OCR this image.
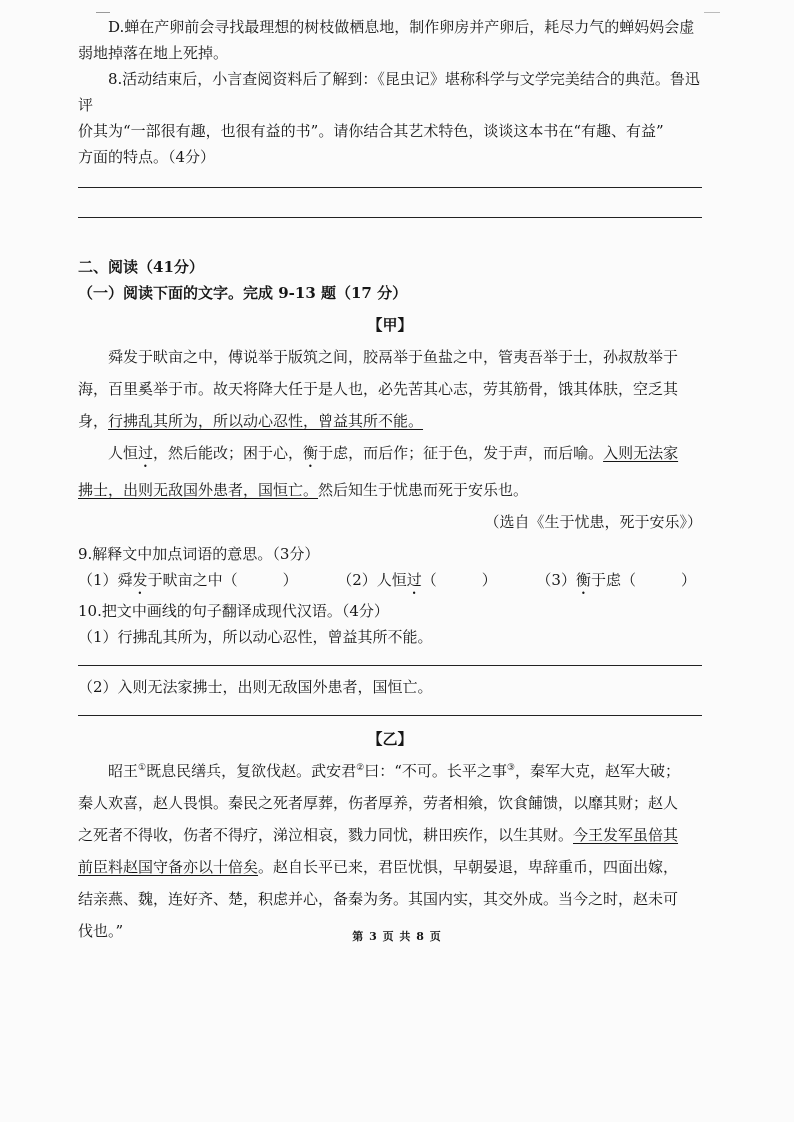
D.蝉在产卵前会寻找最理想的树枝做栖息地，制作卵房并产卵后，耗尽力气的蝉妈妈会虚

弱地掉落在地上死掉。

8.活动结束后，小言查阅资料后了解到：《昆虫记》堪称科学与文学完美结合的典范。鲁迅评

价其为“一部很有趣，也很有益的书”。请你结合其艺术特色，谈谈这本书在“有趣、有益”

方面的特点。（4分）

二、阅读（41分）

（一）阅读下面的文字。完成 9-13 题（17 分）

【甲】

舜发于畎亩之中，傅说举于版筑之间，胶鬲举于鱼盐之中，管夷吾举于士，孙叔敖举于

海，百里奚举于市。故天将降大任于是人也，必先苦其心志，劳其筋骨，饿其体肤，空乏其

身，行拂乱其所为，所以动心忍性，曾益其所不能。

人恒过，然后能改；困于心，衡于虑，而后作；征于色，发于声，而后喻。入则无法家

拂士，出则无敌国外患者，国恒亡。然后知生于忧患而死于安乐也。

（选自《生于忧患，死于安乐》）

9.解释文中加点词语的意思。（3分）

（1）舜发于畎亩之中（　　　）	（2）人恒过（　　　）	（3）衡于虑（　　　）

10.把文中画线的句子翻译成现代汉语。（4分）

（1）行拂乱其所为，所以动心忍性，曾益其所不能。

（2）入则无法家拂士，出则无敌国外患者，国恒亡。

【乙】

昭王①既息民缮兵，复欲伐赵。武安君②曰：“不可。长平之事③，秦军大克，赵军大破；

秦人欢喜，赵人畏惧。秦民之死者厚葬，伤者厚养，劳者相飨，饮食餔馈，以靡其财；赵人

之死者不得收，伤者不得疗，涕泣相哀，戮力同忧，耕田疾作，以生其财。今王发军虽倍其

前臣料赵国守备亦以十倍矣。赵自长平已来，君臣忧惧，早朝晏退，卑辞重币，四面出嫁，

结亲燕、魏，连好齐、楚，积虑并心，备秦为务。其国内实，其交外成。当今之时，赵未可

伐也。”	第 3 页 共 8 页
